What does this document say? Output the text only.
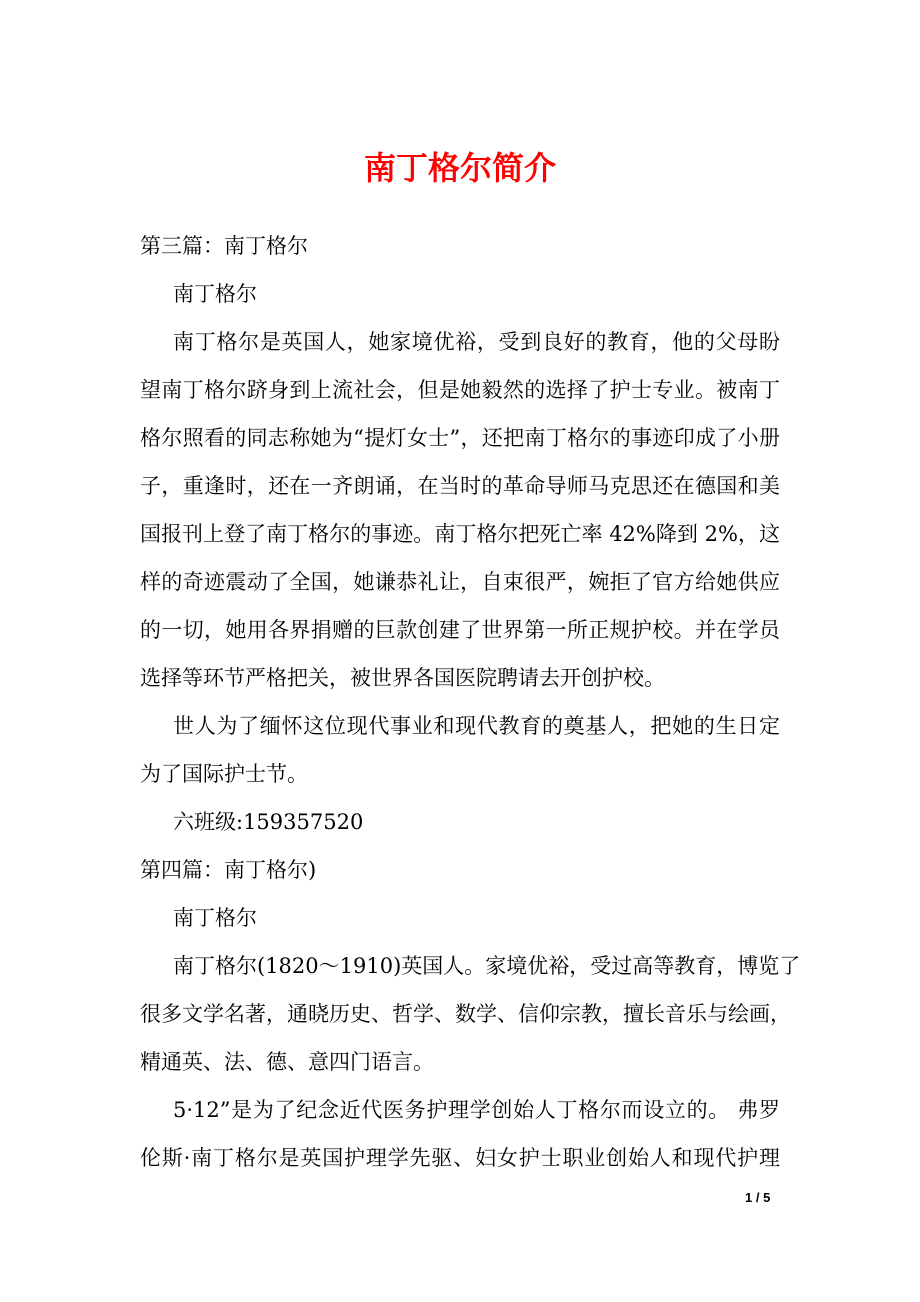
南丁格尔简介
第三篇：南丁格尔
南丁格尔
南丁格尔是英国人，她家境优裕，受到良好的教育，他的父母盼
望南丁格尔跻身到上流社会，但是她毅然的选择了护士专业。被南丁
格尔照看的同志称她为“提灯女士”，还把南丁格尔的事迹印成了小册
子，重逢时，还在一齐朗诵，在当时的革命导师马克思还在德国和美
国报刊上登了南丁格尔的事迹。南丁格尔把死亡率 42%降到 2%，这
样的奇迹震动了全国，她谦恭礼让，自束很严，婉拒了官方给她供应
的一切，她用各界捐赠的巨款创建了世界第一所正规护校。并在学员
选择等环节严格把关，被世界各国医院聘请去开创护校。
世人为了缅怀这位现代事业和现代教育的奠基人，把她的生日定
为了国际护士节。
六班级:159357520
第四篇：南丁格尔)
南丁格尔
南丁格尔(1820～1910)英国人。家境优裕，受过高等教育，博览了
很多文学名著，通晓历史、哲学、数学、信仰宗教，擅长音乐与绘画，
精通英、法、德、意四门语言。
5·12”是为了纪念近代医务护理学创始人丁格尔而设立的。 弗罗
伦斯·南丁格尔是英国护理学先驱、妇女护士职业创始人和现代护理
1 / 5
